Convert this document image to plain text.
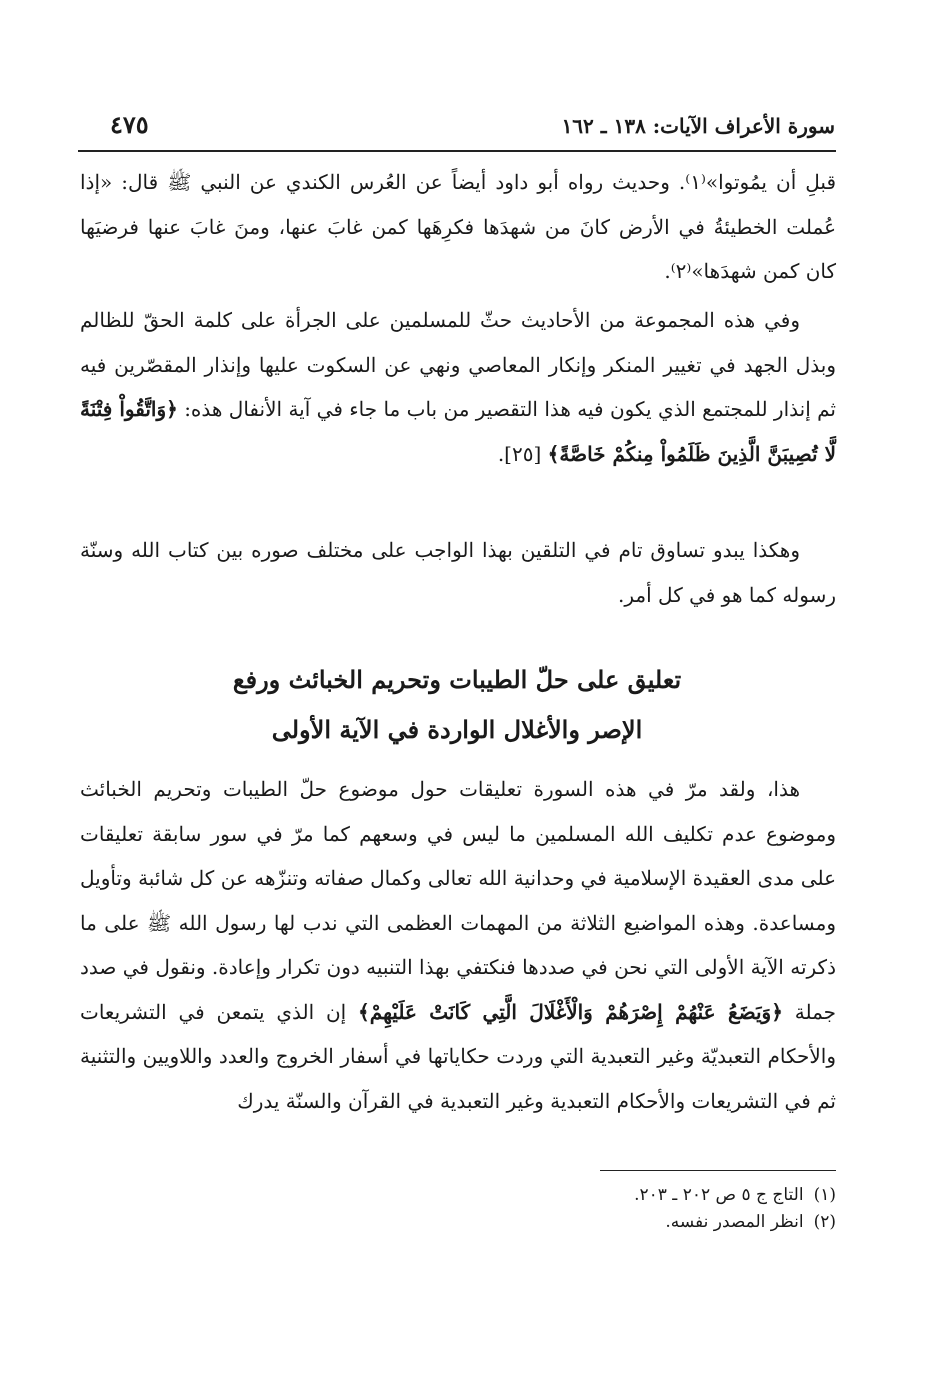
سورة الأعراف الآيات: ١٣٨ ـ ١٦٢
٤٧٥

قبلِ أن يمُوتوا»⁽١⁾. وحديث رواه أبو داود أيضاً عن العُرس الكندي عن النبي ﷺ قال: «إذا عُملت الخطيئةُ في الأرض كانَ من شهدَها فكرِهَها كمن غابَ عنها، ومنَ غابَ عنها فرضيَها كان كمن شهدَها»⁽٢⁾.

وفي هذه المجموعة من الأحاديث حثّ للمسلمين على الجرأة على كلمة الحقّ للظالم وبذل الجهد في تغيير المنكر وإنكار المعاصي ونهي عن السكوت عليها وإنذار المقصّرين فيه ثم إنذار للمجتمع الذي يكون فيه هذا التقصير من باب ما جاء في آية الأنفال هذه: ﴿وَاتَّقُواْ فِتْنَةً لَّا تُصِيبَنَّ الَّذِينَ ظَلَمُواْ مِنكُمْ خَاصَّةً﴾ [٢٥].

وهكذا يبدو تساوق تام في التلقين بهذا الواجب على مختلف صوره بين كتاب الله وسنّة رسوله كما هو في كل أمر.

تعليق على حلّ الطيبات وتحريم الخبائث ورفع
الإصر والأغلال الواردة في الآية الأولى

هذا، ولقد مرّ في هذه السورة تعليقات حول موضوع حلّ الطيبات وتحريم الخبائث وموضوع عدم تكليف الله المسلمين ما ليس في وسعهم كما مرّ في سور سابقة تعليقات على مدى العقيدة الإسلامية في وحدانية الله تعالى وكمال صفاته وتنزّهه عن كل شائبة وتأويل ومساعدة. وهذه المواضيع الثلاثة من المهمات العظمى التي ندب لها رسول الله ﷺ على ما ذكرته الآية الأولى التي نحن في صددها فنكتفي بهذا التنبيه دون تكرار وإعادة. ونقول في صدد جملة ﴿وَيَضَعُ عَنْهُمْ إِصْرَهُمْ وَالْأَغْلَالَ الَّتِي كَانَتْ عَلَيْهِمْ﴾ إن الذي يتمعن في التشريعات والأحكام التعبديّة وغير التعبدية التي وردت حكاياتها في أسفار الخروج والعدد واللاويين والتثنية ثم في التشريعات والأحكام التعبدية وغير التعبدية في القرآن والسنّة يدرك

(١)التاج ج ٥ ص ٢٠٢ ـ ٢٠٣.
(٢)انظر المصدر نفسه.
